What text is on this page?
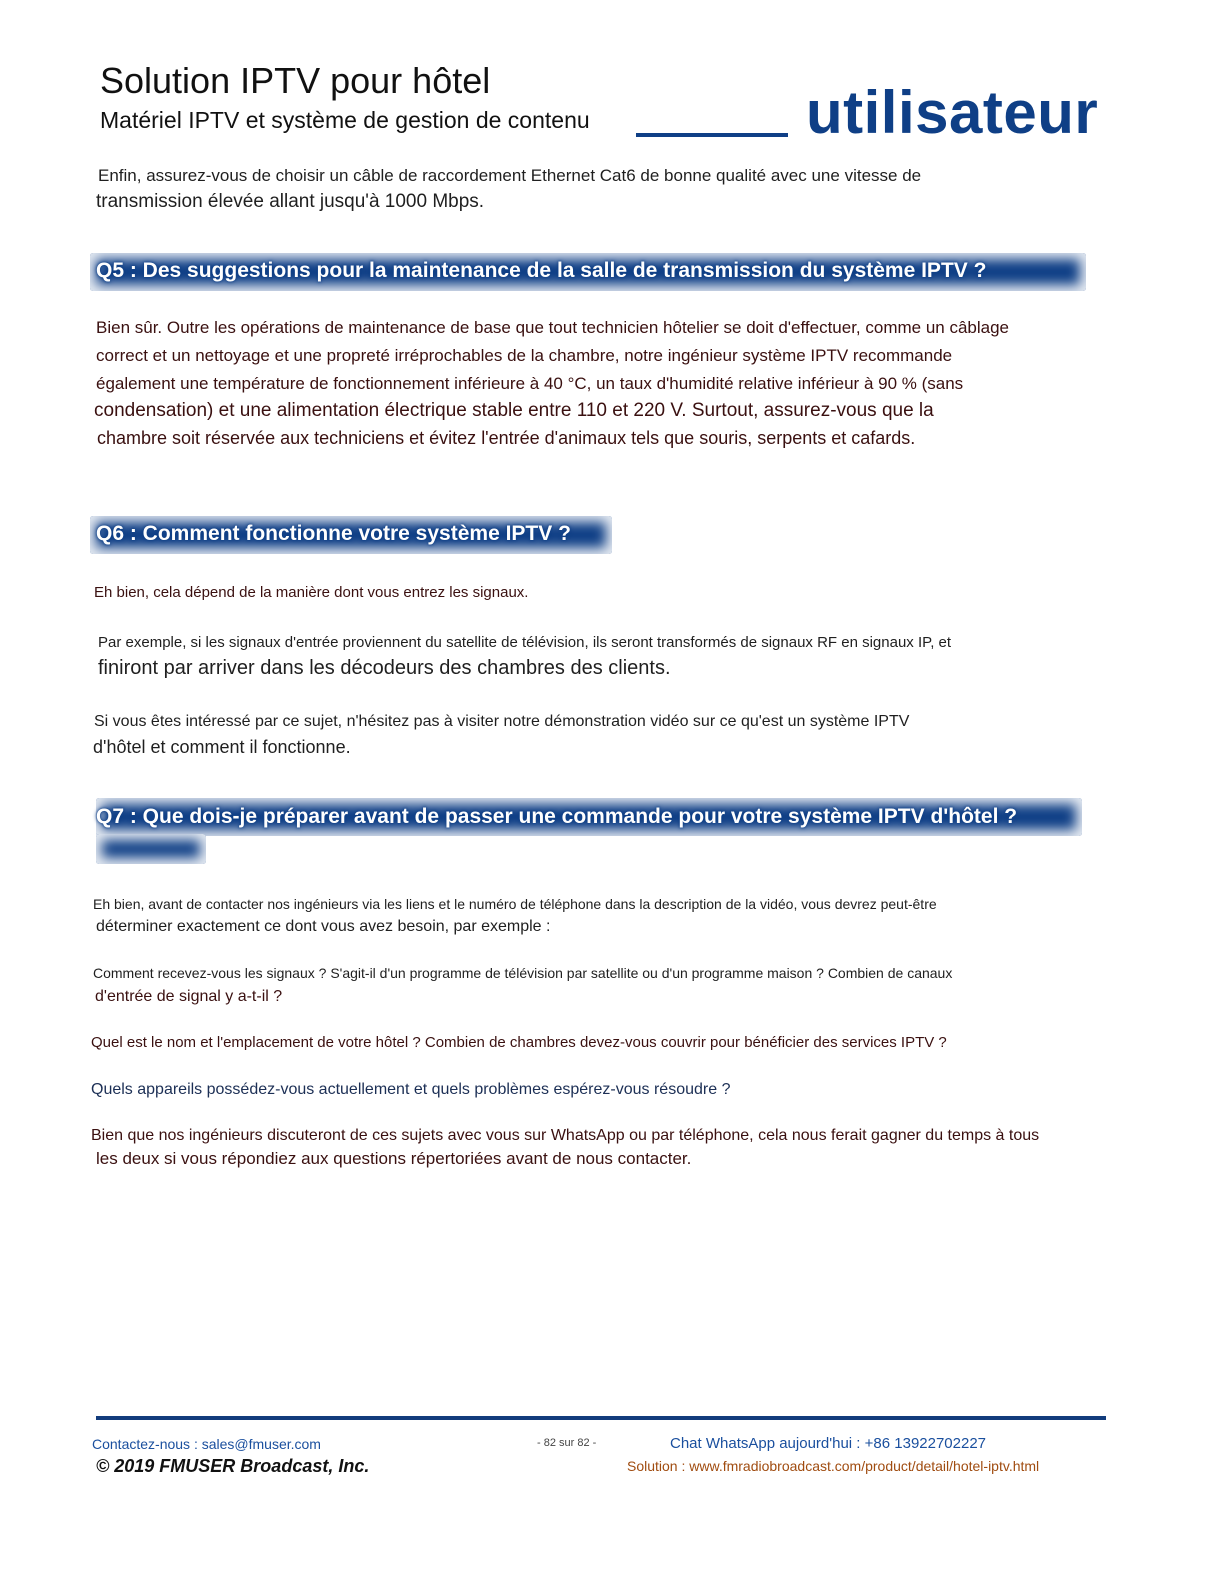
Solution IPTV pour hôtel
Matériel IPTV et système de gestion de contenu	utilisateur
Enfin, assurez-vous de choisir un câble de raccordement Ethernet Cat6 de bonne qualité avec une vitesse de
transmission élevée allant jusqu'à 1000 Mbps.
Q5 : Des suggestions pour la maintenance de la salle de transmission du système IPTV ?
Bien sûr. Outre les opérations de maintenance de base que tout technicien hôtelier se doit d'effectuer, comme un câblage
correct et un nettoyage et une propreté irréprochables de la chambre, notre ingénieur système IPTV recommande
également une température de fonctionnement inférieure à 40 °C, un taux d'humidité relative inférieur à 90 % (sans
condensation) et une alimentation électrique stable entre 110 et 220 V. Surtout, assurez-vous que la
chambre soit réservée aux techniciens et évitez l'entrée d'animaux tels que souris, serpents et cafards.
Q6 : Comment fonctionne votre système IPTV ?
Eh bien, cela dépend de la manière dont vous entrez les signaux.
Par exemple, si les signaux d'entrée proviennent du satellite de télévision, ils seront transformés de signaux RF en signaux IP, et
finiront par arriver dans les décodeurs des chambres des clients.
Si vous êtes intéressé par ce sujet, n'hésitez pas à visiter notre démonstration vidéo sur ce qu'est un système IPTV
d'hôtel et comment il fonctionne.
Q7 : Que dois-je préparer avant de passer une commande pour votre système IPTV d'hôtel ?
Eh bien, avant de contacter nos ingénieurs via les liens et le numéro de téléphone dans la description de la vidéo, vous devrez peut-être
déterminer exactement ce dont vous avez besoin, par exemple :
Comment recevez-vous les signaux ? S'agit-il d'un programme de télévision par satellite ou d'un programme maison ? Combien de canaux
d'entrée de signal y a-t-il ?
Quel est le nom et l'emplacement de votre hôtel ? Combien de chambres devez-vous couvrir pour bénéficier des services IPTV ?
Quels appareils possédez-vous actuellement et quels problèmes espérez-vous résoudre ?
Bien que nos ingénieurs discuteront de ces sujets avec vous sur WhatsApp ou par téléphone, cela nous ferait gagner du temps à tous
les deux si vous répondiez aux questions répertoriées avant de nous contacter.
Contactez-nous : sales@fmuser.com
© 2019 FMUSER Broadcast, Inc.
- 82 sur 82 -	Chat WhatsApp aujourd'hui : +86 13922702227
Solution : www.fmradiobroadcast.com/product/detail/hotel-iptv.html
